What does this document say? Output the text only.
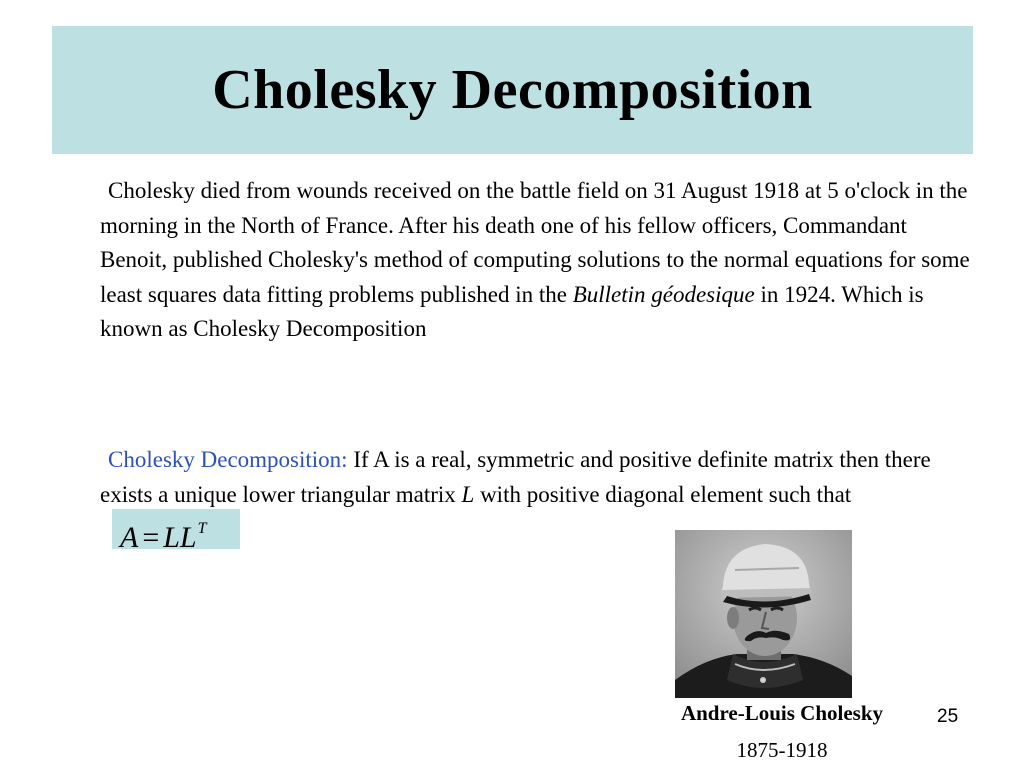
Cholesky Decomposition
Cholesky died from wounds received on the battle field on 31 August 1918 at 5 o'clock in the morning in the North of France. After his death one of his fellow officers, Commandant Benoit, published Cholesky's method of computing solutions to the normal equations for some least squares data fitting problems published in the Bulletin géodesique in 1924. Which is known as Cholesky Decomposition
Cholesky Decomposition: If A is a real, symmetric and positive definite matrix then there exists a unique lower triangular matrix L with positive diagonal element such that
$A = LL^T$
Andre-Louis Cholesky
1875-1918
25
